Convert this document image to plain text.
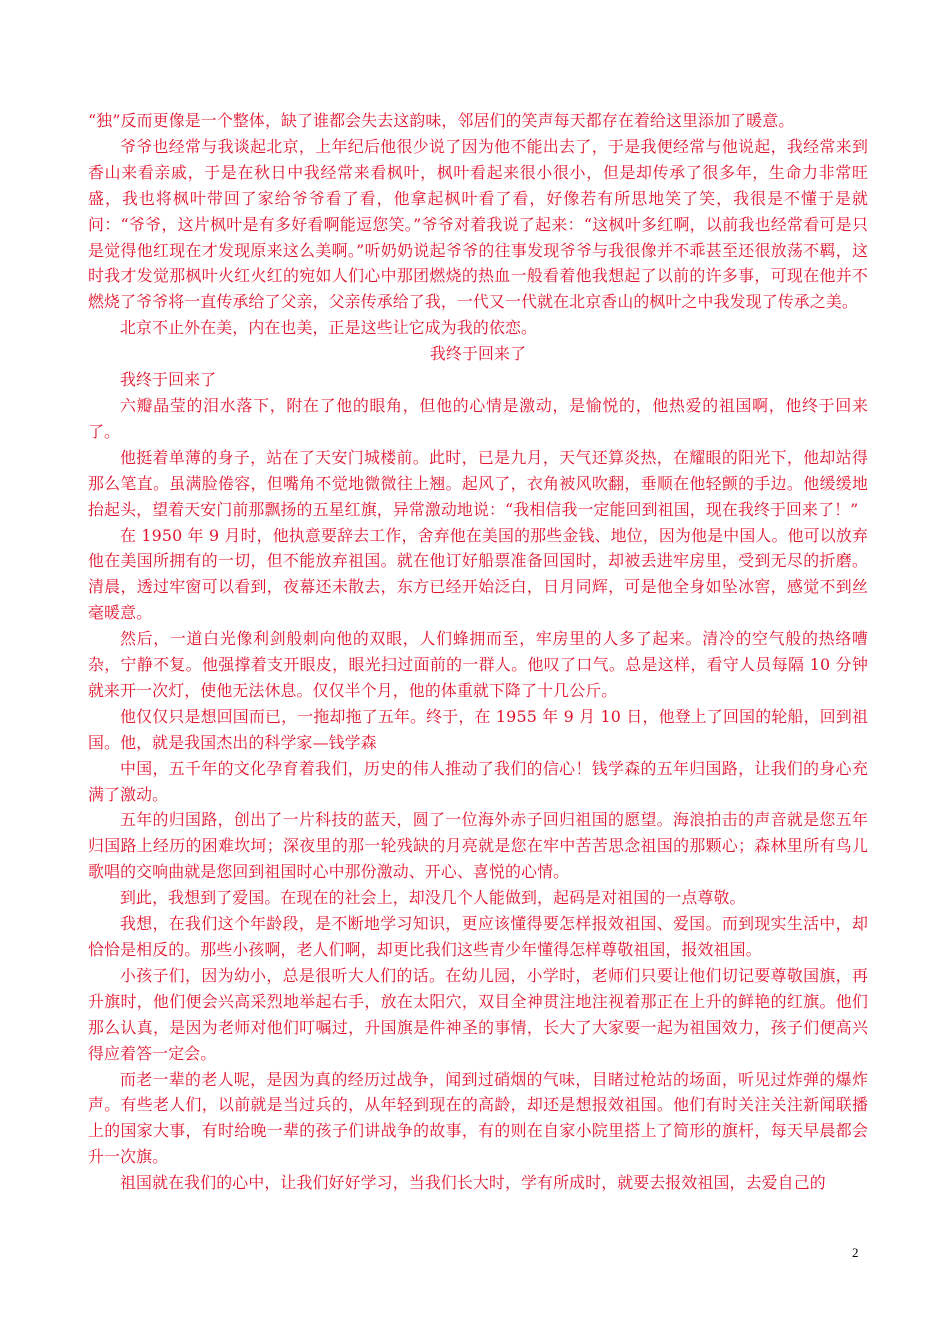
“独”反而更像是一个整体，缺了谁都会失去这韵味，邻居们的笑声每天都存在着给这里添加了暖意。

爷爷也经常与我谈起北京，上年纪后他很少说了因为他不能出去了，于是我便经常与他说起，我经常来到香山来看亲戚，于是在秋日中我经常来看枫叶，枫叶看起来很小很小，但是却传承了很多年，生命力非常旺盛，我也将枫叶带回了家给爷爷看了看，他拿起枫叶看了看，好像若有所思地笑了笑，我很是不懂于是就问：“爷爷，这片枫叶是有多好看啊能逗您笑。”爷爷对着我说了起来：“这枫叶多红啊，以前我也经常看可是只是觉得他红现在才发现原来这么美啊。”听奶奶说起爷爷的往事发现爷爷与我很像并不乖甚至还很放荡不羁，这时我才发觉那枫叶火红火红的宛如人们心中那团燃烧的热血一般看着他我想起了以前的许多事，可现在他并不燃烧了爷爷将一直传承给了父亲，父亲传承给了我，一代又一代就在北京香山的枫叶之中我发现了传承之美。

北京不止外在美，内在也美，正是这些让它成为我的依恋。

我终于回来了

我终于回来了

六瓣晶莹的泪水落下，附在了他的眼角，但他的心情是激动，是愉悦的，他热爱的祖国啊，他终于回来了。

他挺着单薄的身子，站在了天安门城楼前。此时，已是九月，天气还算炎热，在耀眼的阳光下，他却站得那么笔直。虽满脸倦容，但嘴角不觉地微微往上翘。起风了，衣角被风吹翻，垂顺在他轻颤的手边。他缓缓地抬起头，望着天安门前那飘扬的五星红旗，异常激动地说：“我相信我一定能回到祖国，现在我终于回来了！”

在 1950 年 9 月时，他执意要辞去工作，舍弃他在美国的那些金钱、地位，因为他是中国人。他可以放弃他在美国所拥有的一切，但不能放弃祖国。就在他订好船票准备回国时，却被丢进牢房里，受到无尽的折磨。清晨，透过牢窗可以看到，夜幕还未散去，东方已经开始泛白，日月同辉，可是他全身如坠冰窖，感觉不到丝毫暖意。

然后，一道白光像利剑般刺向他的双眼，人们蜂拥而至，牢房里的人多了起来。清冷的空气般的热络嘈杂，宁静不复。他强撑着支开眼皮，眼光扫过面前的一群人。他叹了口气。总是这样，看守人员每隔 10 分钟就来开一次灯，使他无法休息。仅仅半个月，他的体重就下降了十几公斤。

他仅仅只是想回国而已，一拖却拖了五年。终于，在 1955 年 9 月 10 日，他登上了回国的轮船，回到祖国。他，就是我国杰出的科学家—钱学森

中国，五千年的文化孕育着我们，历史的伟人推动了我们的信心！钱学森的五年归国路，让我们的身心充满了激动。

五年的归国路，创出了一片科技的蓝天，圆了一位海外赤子回归祖国的愿望。海浪拍击的声音就是您五年归国路上经历的困难坎坷；深夜里的那一轮残缺的月亮就是您在牢中苦苦思念祖国的那颗心；森林里所有鸟儿歌唱的交响曲就是您回到祖国时心中那份激动、开心、喜悦的心情。

到此，我想到了爱国。在现在的社会上，却没几个人能做到，起码是对祖国的一点尊敬。

我想，在我们这个年龄段，是不断地学习知识，更应该懂得要怎样报效祖国、爱国。而到现实生活中，却恰恰是相反的。那些小孩啊，老人们啊，却更比我们这些青少年懂得怎样尊敬祖国，报效祖国。

小孩子们，因为幼小，总是很听大人们的话。在幼儿园，小学时，老师们只要让他们切记要尊敬国旗，再升旗时，他们便会兴高采烈地举起右手，放在太阳穴，双目全神贯注地注视着那正在上升的鲜艳的红旗。他们那么认真，是因为老师对他们叮嘱过，升国旗是件神圣的事情，长大了大家要一起为祖国效力，孩子们便高兴得应着答一定会。

而老一辈的老人呢，是因为真的经历过战争，闻到过硝烟的气味，目睹过枪站的场面，听见过炸弹的爆炸声。有些老人们，以前就是当过兵的，从年轻到现在的高龄，却还是想报效祖国。他们有时关注关注新闻联播上的国家大事，有时给晚一辈的孩子们讲战争的故事，有的则在自家小院里搭上了简形的旗杆，每天早晨都会升一次旗。

祖国就在我们的心中，让我们好好学习，当我们长大时，学有所成时，就要去报效祖国，去爱自己的

2
